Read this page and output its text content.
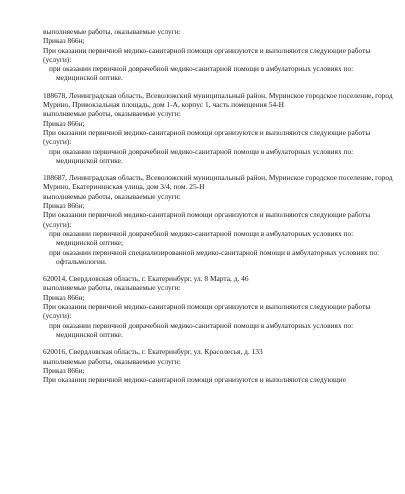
выполняемые работы, оказываемые услуги:
Приказ 866н;
При оказании первичной медико-санитарной помощи организуются и выполняются следующие работы (услуги):
при оказании первичной доврачебной медико-санитарной помощи в амбулаторных условиях по:
медицинской оптике.
188678, Ленинградская область, Всеволожский муниципальный район, Муринское городское поселение, город Мурино, Привокзальная площадь, дом 1-А, корпус 1, часть помещения 54-Н
выполняемые работы, оказываемые услуги:
Приказ 866н;
При оказании первичной медико-санитарной помощи организуются и выполняются следующие работы (услуги):
при оказании первичной доврачебной медико-санитарной помощи в амбулаторных условиях по:
медицинской оптике.
188687, Ленинградская область, Всеволожский муниципальный район, Муринское городское поселение, город Мурино, Екатерининская улица, дом 3/4, пом. 25-Н
выполняемые работы, оказываемые услуги:
Приказ 866н;
При оказании первичной медико-санитарной помощи организуются и выполняются следующие работы (услуги):
при оказании первичной доврачебной медико-санитарной помощи в амбулаторных условиях по:
медицинской оптике;
при оказании первичной специализированной медико-санитарной помощи в амбулаторных условиях по:
офтальмологии.
620014, Свердловская область, г. Екатеринбург, ул. 8 Марта, д. 46
выполняемые работы, оказываемые услуги:
Приказ 866н;
При оказании первичной медико-санитарной помощи организуются и выполняются следующие работы (услуги):
при оказании первичной доврачебной медико-санитарной помощи в амбулаторных условиях по:
медицинской оптике.
620016, Свердловская область, г. Екатеринбург, ул. Красолесья, д. 133
выполняемые работы, оказываемые услуги:
Приказ 866н;
При оказании первичной медико-санитарной помощи организуются и выполняются следующие
